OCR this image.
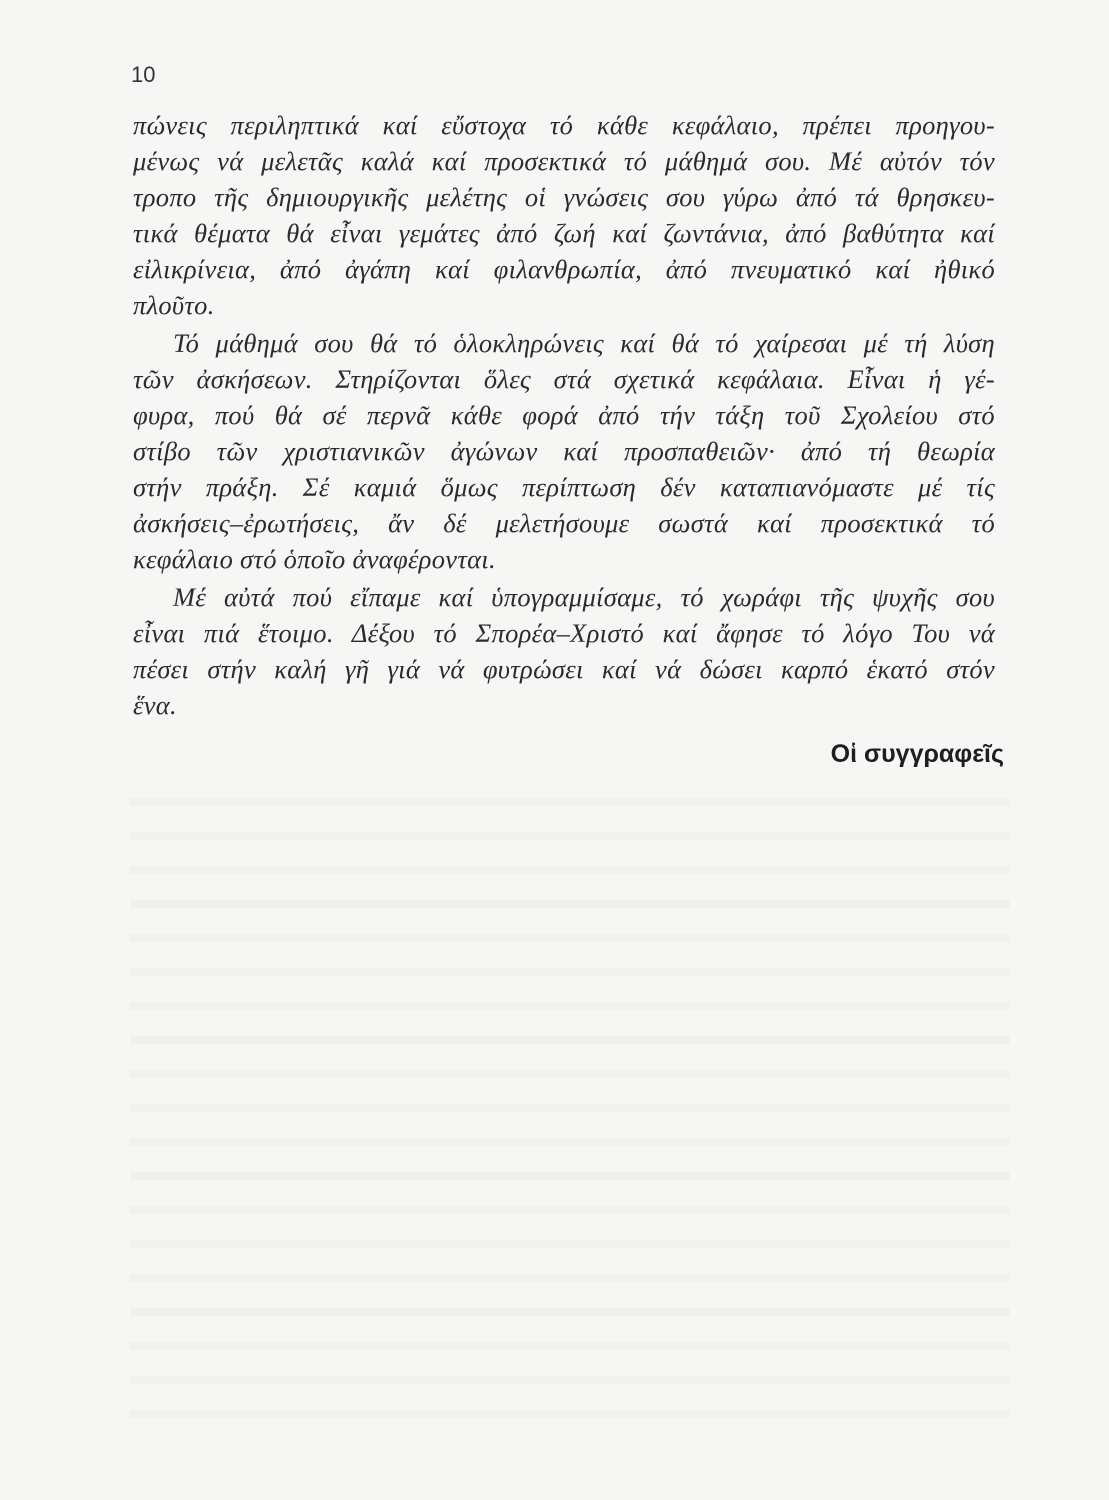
10
πώνεις περιληπτικά καί εὔστοχα τό κάθε κεφάλαιο, πρέπει προηγου-
μένως νά μελετᾶς καλά καί προσεκτικά τό μάθημά σου. Μέ αὐτόν τόν
τροπο τῆς δημιουργικῆς μελέτης οἱ γνώσεις σου γύρω ἀπό τά θρησκευ-
τικά θέματα θά εἶναι γεμάτες ἀπό ζωή καί ζωντάνια, ἀπό βαθύτητα καί
εἰλικρίνεια, ἀπό ἀγάπη καί φιλανθρωπία, ἀπό πνευματικό καί ἠθικό
πλοῦτο.
Τό μάθημά σου θά τό ὁλοκληρώνεις καί θά τό χαίρεσαι μέ τή λύση
τῶν ἀσκήσεων. Στηρίζονται ὅλες στά σχετικά κεφάλαια. Εἶναι ἡ γέ-
φυρα, πού θά σέ περνᾶ κάθε φορά ἀπό τήν τάξη τοῦ Σχολείου στό
στίβο τῶν χριστιανικῶν ἀγώνων καί προσπαθειῶν· ἀπό τή θεωρία
στήν πράξη. Σέ καμιά ὅμως περίπτωση δέν καταπιανόμαστε μέ τίς
ἀσκήσεις–ἐρωτήσεις, ἄν δέ μελετήσουμε σωστά καί προσεκτικά τό
κεφάλαιο στό ὁποῖο ἀναφέρονται.
Μέ αὐτά πού εἴπαμε καί ὑπογραμμίσαμε, τό χωράφι τῆς ψυχῆς σου
εἶναι πιά ἕτοιμο. Δέξου τό Σπορέα–Χριστό καί ἄφησε τό λόγο Του νά
πέσει στήν καλή γῆ γιά νά φυτρώσει καί νά δώσει καρπό ἑκατό στόν
ἕνα.
Οἱ συγγραφεῖς
